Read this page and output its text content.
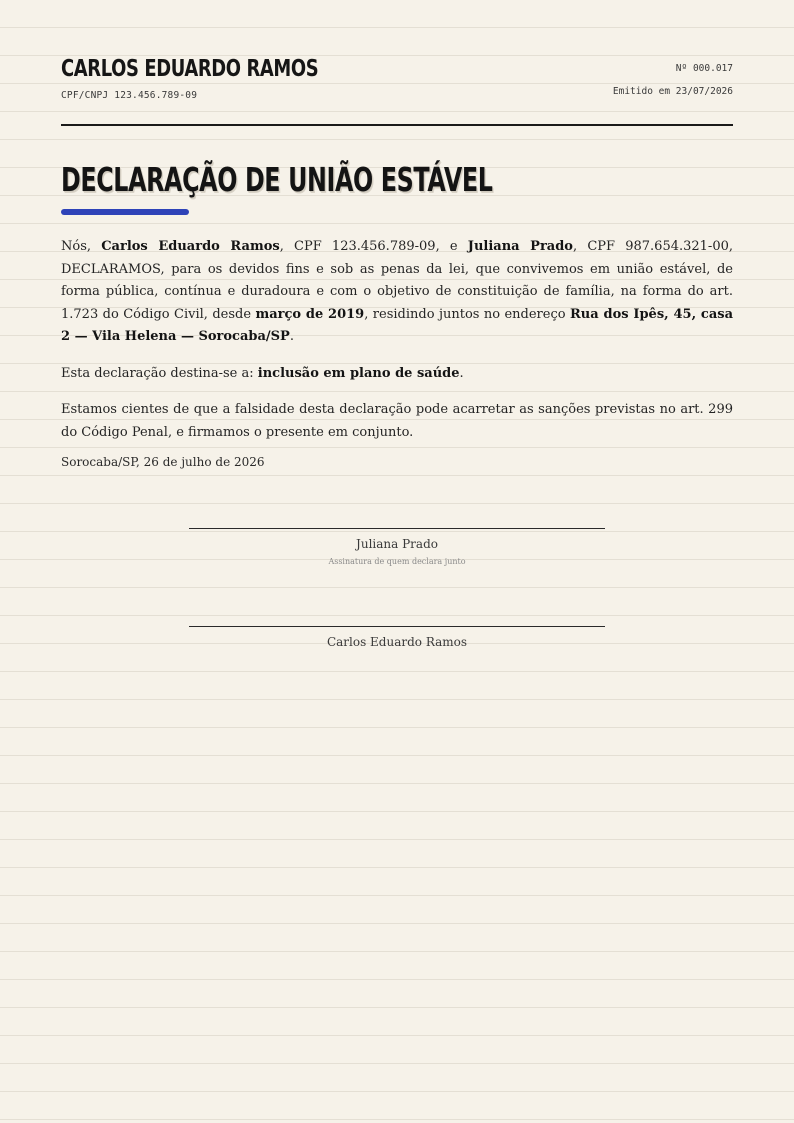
CARLOS EDUARDO RAMOS
CPF/CNPJ 123.456.789-09
Nº 000.017
Emitido em 23/07/2026
DECLARAÇÃO DE UNIÃO ESTÁVEL

Nós, Carlos Eduardo Ramos, CPF 123.456.789-09, e Juliana Prado, CPF 987.654.321-00, DECLARAMOS, para os devidos fins e sob as penas da lei, que convivemos em união estável, de forma pública, contínua e duradoura e com o objetivo de constituição de família, na forma do art. 1.723 do Código Civil, desde março de 2019, residindo juntos no endereço Rua dos Ipês, 45, casa 2 — Vila Helena — Sorocaba/SP.

Esta declaração destina-se a: inclusão em plano de saúde.

Estamos cientes de que a falsidade desta declaração pode acarretar as sanções previstas no art. 299 do Código Penal, e firmamos o presente em conjunto.

Sorocaba/SP, 26 de julho de 2026
Juliana Prado
Assinatura de quem declara junto
Carlos Eduardo Ramos
